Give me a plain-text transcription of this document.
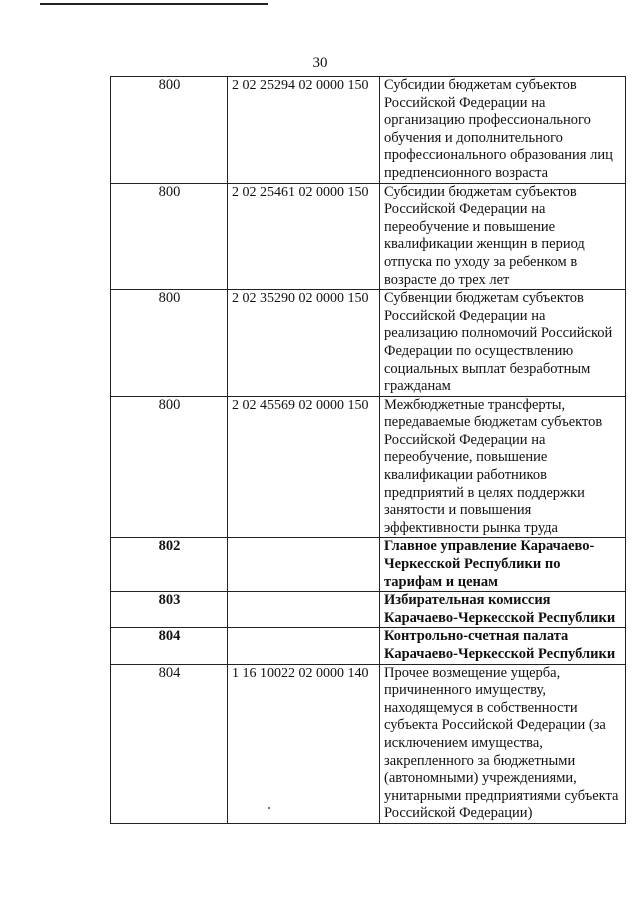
30
800	2 02 25294 02 0000 150	Субсидии бюджетам субъектов Российской Федерации на организацию профессионального обучения и дополнительного профессионального образования лиц предпенсионного возраста
800	2 02 25461 02 0000 150	Субсидии бюджетам субъектов Российской Федерации на переобучение и повышение квалификации женщин в период отпуска по уходу за ребенком в возрасте до трех лет
800	2 02 35290 02 0000 150	Субвенции бюджетам субъектов Российской Федерации на реализацию полномочий Российской Федерации по осуществлению социальных выплат безработным гражданам
800	2 02 45569 02 0000 150	Межбюджетные трансферты, передаваемые бюджетам субъектов Российской Федерации на переобучение, повышение квалификации работников предприятий в целях поддержки занятости и повышения эффективности рынка труда
802		Главное управление Карачаево-Черкесской Республики по тарифам и ценам
803		Избирательная комиссия Карачаево-Черкесской Республики
804		Контрольно-счетная палата Карачаево-Черкесской Республики
804	1 16 10022 02 0000 140	Прочее возмещение ущерба, причиненного имуществу, находящемуся в собственности субъекта Российской Федерации (за исключением имущества, закрепленного за бюджетными (автономными) учреждениями, унитарными предприятиями субъекта Российской Федерации)
